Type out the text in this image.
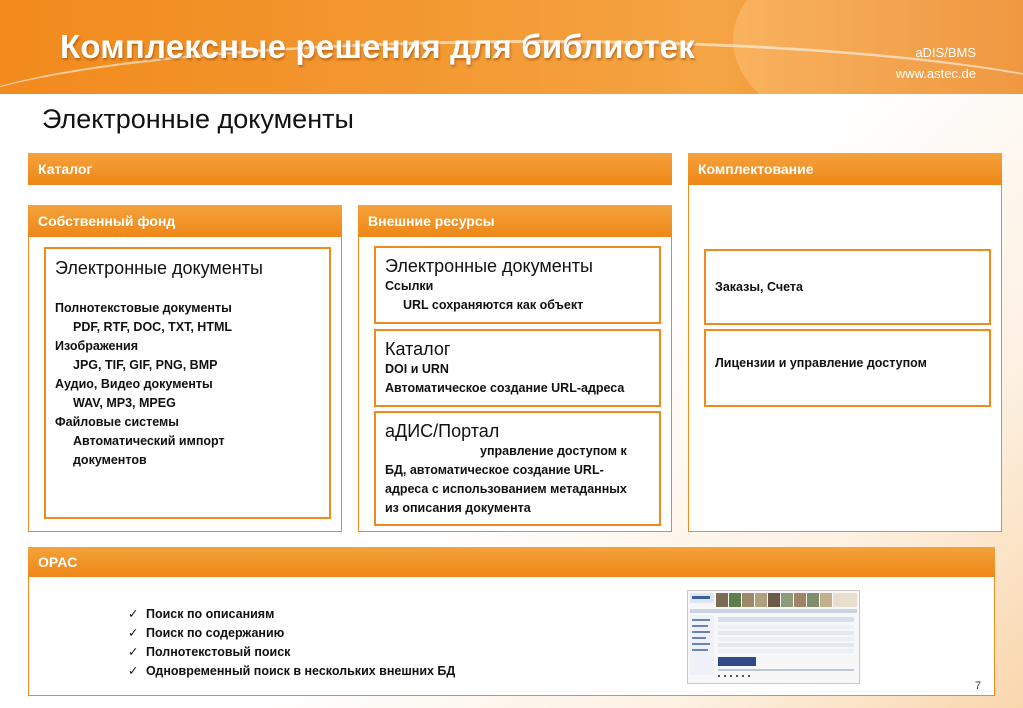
Комплексные решения для библиотек	aDIS/BMS
www.astec.de
Электронные документы
Каталог
Собственный фонд
Электронные документы
Полнотекстовые документы
PDF, RTF, DOC, TXT, HTML
Изображения
JPG, TIF, GIF, PNG, BMP
Аудио, Видео документы
WAV, MP3, MPEG
Файловые системы
Автоматический импорт
документов
Внешние ресурсы
Электронные документы
Ссылки
URL сохраняются как объект
Каталог
DOI и URN
Автоматическое создание URL-адреса
аДИС/Портал
управление доступом к
БД, автоматическое создание URL-
адреса с использованием метаданных
из описания документа
Комплектование
Заказы, Счета
Лицензии и управление доступом
OPAC
✓ Поиск по описаниям
✓ Поиск по содержанию
✓ Полнотекстовый поиск
✓ Одновременный поиск в нескольких внешних БД
7
